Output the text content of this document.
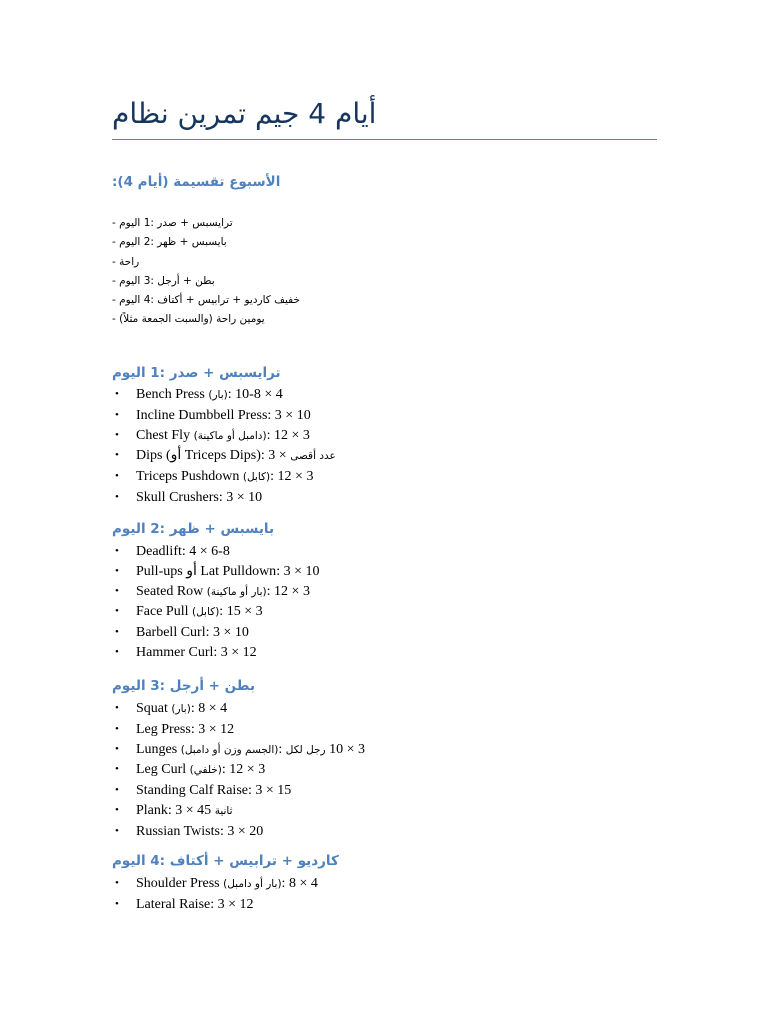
أيام 4 جيم تمرين نظام
:(أيام 4) الأسبوع تقسيمة
- ترايسبس + صدر :1 اليوم
- بايسبس + ظهر :2 اليوم
- راحة
- بطن + أرجل :3 اليوم
- خفيف كارديو + ترابيس + أكتاف :4 اليوم
- (والسبت الجمعة مثلاً) يومين راحة
ترايسبس + صدر :1 اليوم
• Bench Press (بار): 4 × 8-10
• Incline Dumbbell Press: 3 × 10
• Chest Fly (دامبل أو ماكينة): 3 × 12
• Dips (أو Triceps Dips): 3 × عدد أقصى
• Triceps Pushdown (كابل): 3 × 12
• Skull Crushers: 3 × 10
بايسبس + ظهر :2 اليوم
• Deadlift: 4 × 6-8
• Pull-ups أو Lat Pulldown: 3 × 10
• Seated Row (بار أو ماكينة): 3 × 12
• Face Pull (كابل): 3 × 15
• Barbell Curl: 3 × 10
• Hammer Curl: 3 × 12
بطن + أرجل :3 اليوم
• Squat (بار): 4 × 8
• Leg Press: 3 × 12
• Lunges (الجسم وزن أو دامبل): 3 × 10 رجل لكل
• Leg Curl (خلفي): 3 × 12
• Standing Calf Raise: 3 × 15
• Plank: 3 × 45 ثانية
• Russian Twists: 3 × 20
كارديو + ترابيس + أكتاف :4 اليوم
• Shoulder Press (بار أو دامبل): 4 × 8
• Lateral Raise: 3 × 12
